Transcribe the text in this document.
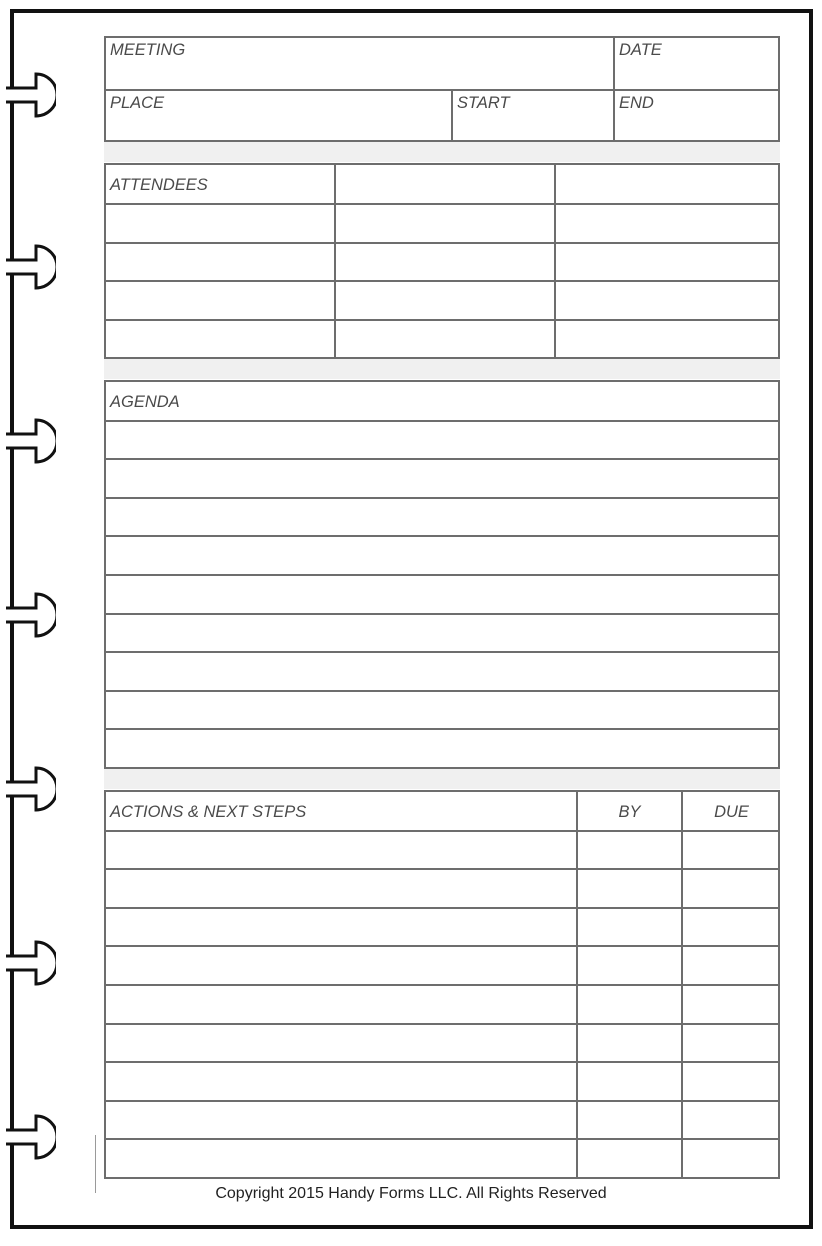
MEETING	DATE
PLACE	START	END
ATTENDEES
AGENDA
ACTIONS & NEXT STEPS	BY	DUE
Copyright 2015 Handy Forms LLC. All Rights Reserved
